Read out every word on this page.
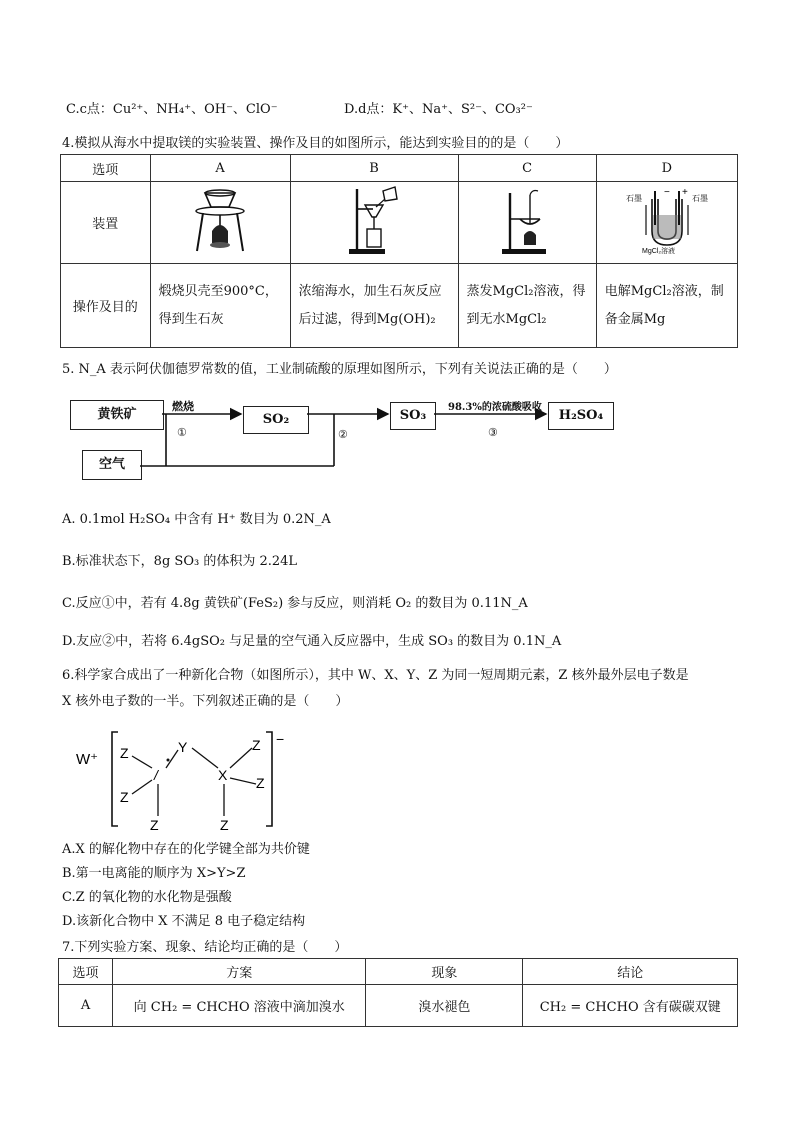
C.c点：Cu²⁺、NH₄⁺、OH⁻、ClO⁻	D.d点：K⁺、Na⁺、S²⁻、CO₃²⁻
4.模拟从海水中提取镁的实验装置、操作及目的如图所示，能达到实验目的的是（　　）
选项	A	B	C	D
装置				石墨 石墨
− +
MgCl₂溶液

操作及目的	煅烧贝壳至900°C，得到生石灰	浓缩海水，加生石灰反应后过滤，得到Mg(OH)₂	蒸发MgCl₂溶液，得到无水MgCl₂	电解MgCl₂溶液，制备金属Mg
5. N_A 表示阿伏伽德罗常数的值，工业制硫酸的原理如图所示，下列有关说法正确的是（　　）
黄铁矿	SO₂	SO₃	H₂SO₄
空气
燃烧
①	②
98.3%的浓硫酸吸收
③
A. 0.1mol H₂SO₄ 中含有 H⁺ 数目为 0.2N_A
B.标准状态下，8g SO₃ 的体积为 2.24L
C.反应①中，若有 4.8g 黄铁矿(FeS₂) 参与反应，则消耗 O₂ 的数目为 0.11N_A
D.友应②中，若将 6.4gSO₂ 与足量的空气通入反应器中，生成 SO₃ 的数目为 0.1N_A
6.科学家合成出了一种新化合物（如图所示），其中 W、X、Y、Z 为同一短周期元素，Z 核外最外层电子数是
X 核外电子数的一半。下列叙述正确的是（　　）
W⁺
−
Z
Z
Z
/
Y
X
Z
Z
Z
A.X 的解化物中存在的化学键全部为共价键
B.第一电离能的顺序为 X>Y>Z
C.Z 的氧化物的水化物是强酸
D.该新化合物中 X 不满足 8 电子稳定结构
7.下列实验方案、现象、结论均正确的是（　　）
选项	方案	现象	结论
A	向 CH₂ = CHCHO 溶液中滴加溴水	溴水褪色	CH₂ = CHCHO 含有碳碳双键
